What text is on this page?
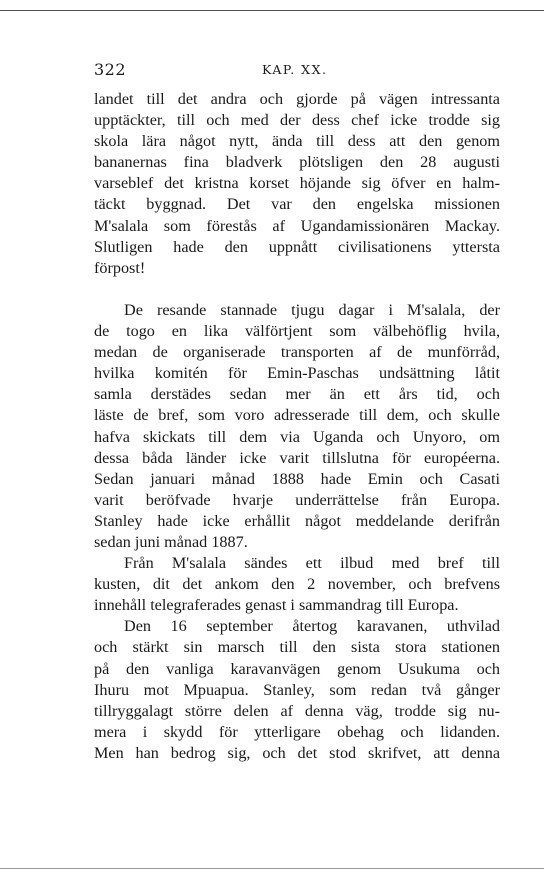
322	KAP. XX.
landet till det andra och gjorde på vägen intressanta
upptäckter, till och med der dess chef icke trodde sig
skola lära något nytt, ända till dess att den genom
bananernas fina bladverk plötsligen den 28 augusti
varseblef det kristna korset höjande sig öfver en halm-
täckt byggnad. Det var den engelska missionen
M'salala som förestås af Ugandamissionären Mackay.
Slutligen hade den uppnått civilisationens yttersta
förpost!
De resande stannade tjugu dagar i M'salala, der
de togo en lika välförtjent som välbehöflig hvila,
medan de organiserade transporten af de munförråd,
hvilka komitén för Emin-Paschas undsättning låtit
samla derstädes sedan mer än ett års tid, och
läste de bref, som voro adresserade till dem, och skulle
hafva skickats till dem via Uganda och Unyoro, om
dessa båda länder icke varit tillslutna för européerna.
Sedan januari månad 1888 hade Emin och Casati
varit beröfvade hvarje underrättelse från Europa.
Stanley hade icke erhållit något meddelande derifrån
sedan juni månad 1887.
Från M'salala sändes ett ilbud med bref till
kusten, dit det ankom den 2 november, och brefvens
innehåll telegraferades genast i sammandrag till Europa.
Den 16 september återtog karavanen, uthvilad
och stärkt sin marsch till den sista stora stationen
på den vanliga karavanvägen genom Usukuma och
Ihuru mot Mpuapua. Stanley, som redan två gånger
tillryggalagt större delen af denna väg, trodde sig nu-
mera i skydd för ytterligare obehag och lidanden.
Men han bedrog sig, och det stod skrifvet, att denna
